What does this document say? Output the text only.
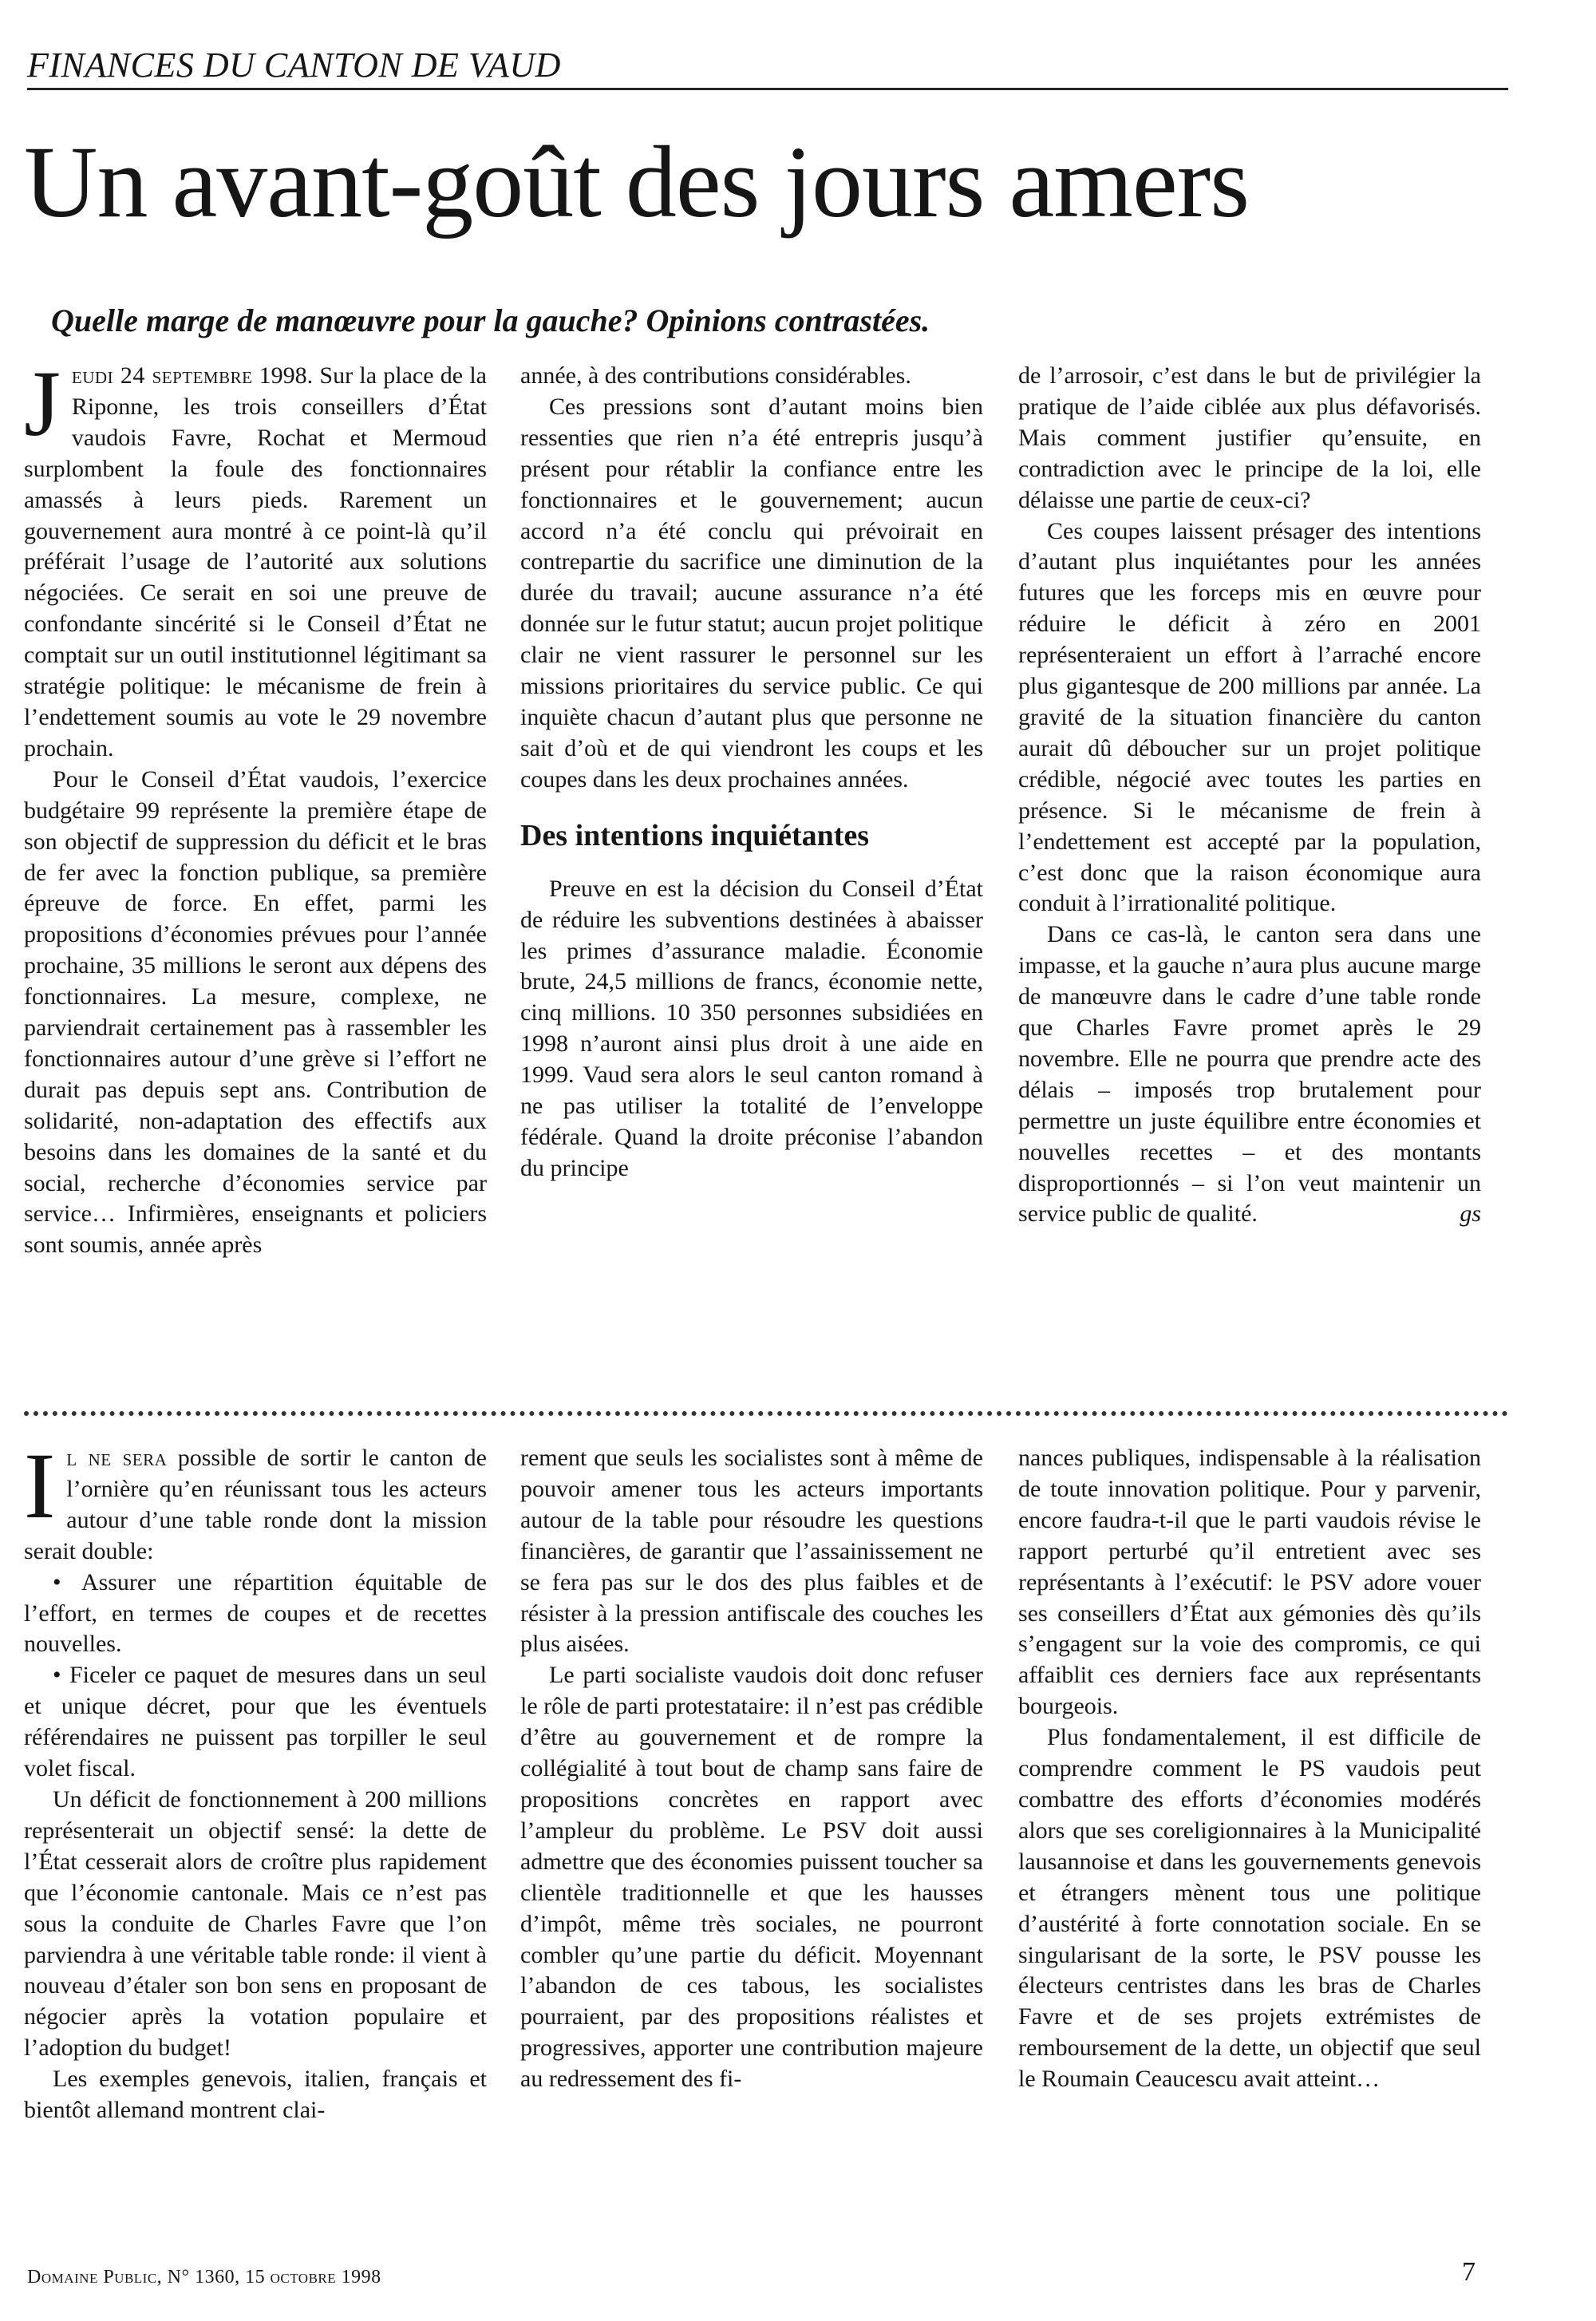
FINANCES DU CANTON DE VAUD
Un avant-goût des jours amers

Quelle marge de manœuvre pour la gauche? Opinions contrastées.

Jeudi 24 septembre 1998. Sur la place de la Riponne, les trois conseillers d’État vaudois Favre, Rochat et Mermoud surplombent la foule des fonctionnaires amassés à leurs pieds. Rarement un gouvernement aura montré à ce point-là qu’il préférait l’usage de l’autorité aux solutions négociées. Ce serait en soi une preuve de confondante sincérité si le Conseil d’État ne comptait sur un outil institutionnel légitimant sa stratégie politique: le mécanisme de frein à l’endettement soumis au vote le 29 novembre prochain.

Pour le Conseil d’État vaudois, l’exercice budgétaire 99 représente la première étape de son objectif de suppression du déficit et le bras de fer avec la fonction publique, sa première épreuve de force. En effet, parmi les propositions d’économies prévues pour l’année prochaine, 35 millions le seront aux dépens des fonctionnaires. La mesure, complexe, ne parviendrait certainement pas à rassembler les fonctionnaires autour d’une grève si l’effort ne durait pas depuis sept ans. Contribution de solidarité, non-adaptation des effectifs aux besoins dans les domaines de la santé et du social, recherche d’économies service par service… Infirmières, enseignants et policiers sont soumis, année après

année, à des contributions considérables.

Ces pressions sont d’autant moins bien ressenties que rien n’a été entrepris jusqu’à présent pour rétablir la confiance entre les fonctionnaires et le gouvernement; aucun accord n’a été conclu qui prévoirait en contrepartie du sacrifice une diminution de la durée du travail; aucune assurance n’a été donnée sur le futur statut; aucun projet politique clair ne vient rassurer le personnel sur les missions prioritaires du service public. Ce qui inquiète chacun d’autant plus que personne ne sait d’où et de qui viendront les coups et les coupes dans les deux prochaines années.

Des intentions inquiétantes

Preuve en est la décision du Conseil d’État de réduire les subventions destinées à abaisser les primes d’assurance maladie. Économie brute, 24,5 millions de francs, économie nette, cinq millions. 10 350 personnes subsidiées en 1998 n’auront ainsi plus droit à une aide en 1999. Vaud sera alors le seul canton romand à ne pas utiliser la totalité de l’enveloppe fédérale. Quand la droite préconise l’abandon du principe

de l’arrosoir, c’est dans le but de privilégier la pratique de l’aide ciblée aux plus défavorisés. Mais comment justifier qu’ensuite, en contradiction avec le principe de la loi, elle délaisse une partie de ceux-ci?

Ces coupes laissent présager des intentions d’autant plus inquiétantes pour les années futures que les forceps mis en œuvre pour réduire le déficit à zéro en 2001 représenteraient un effort à l’arraché encore plus gigantesque de 200 millions par année. La gravité de la situation financière du canton aurait dû déboucher sur un projet politique crédible, négocié avec toutes les parties en présence. Si le mécanisme de frein à l’endettement est accepté par la population, c’est donc que la raison économique aura conduit à l’irrationalité politique.

Dans ce cas-là, le canton sera dans une impasse, et la gauche n’aura plus aucune marge de manœuvre dans le cadre d’une table ronde que Charles Favre promet après le 29 novembre. Elle ne pourra que prendre acte des délais – imposés trop brutalement pour permettre un juste équilibre entre économies et nouvelles recettes – et des montants disproportionnés – si l’on veut maintenir un service public de qualité.	gs

Il ne sera possible de sortir le canton de l’ornière qu’en réunissant tous les acteurs autour d’une table ronde dont la mission serait double:

• Assurer une répartition équitable de l’effort, en termes de coupes et de recettes nouvelles.

• Ficeler ce paquet de mesures dans un seul et unique décret, pour que les éventuels référendaires ne puissent pas torpiller le seul volet fiscal.

Un déficit de fonctionnement à 200 millions représenterait un objectif sensé: la dette de l’État cesserait alors de croître plus rapidement que l’économie cantonale. Mais ce n’est pas sous la conduite de Charles Favre que l’on parviendra à une véritable table ronde: il vient à nouveau d’étaler son bon sens en proposant de négocier après la votation populaire et l’adoption du budget!

Les exemples genevois, italien, français et bientôt allemand montrent clai-

rement que seuls les socialistes sont à même de pouvoir amener tous les acteurs importants autour de la table pour résoudre les questions financières, de garantir que l’assainissement ne se fera pas sur le dos des plus faibles et de résister à la pression antifiscale des couches les plus aisées.

Le parti socialiste vaudois doit donc refuser le rôle de parti protestataire: il n’est pas crédible d’être au gouvernement et de rompre la collégialité à tout bout de champ sans faire de propositions concrètes en rapport avec l’ampleur du problème. Le PSV doit aussi admettre que des économies puissent toucher sa clientèle traditionnelle et que les hausses d’impôt, même très sociales, ne pourront combler qu’une partie du déficit. Moyennant l’abandon de ces tabous, les socialistes pourraient, par des propositions réalistes et progressives, apporter une contribution majeure au redressement des fi-

nances publiques, indispensable à la réalisation de toute innovation politique. Pour y parvenir, encore faudra-t-il que le parti vaudois révise le rapport perturbé qu’il entretient avec ses représentants à l’exécutif: le PSV adore vouer ses conseillers d’État aux gémonies dès qu’ils s’engagent sur la voie des compromis, ce qui affaiblit ces derniers face aux représentants bourgeois.

Plus fondamentalement, il est difficile de comprendre comment le PS vaudois peut combattre des efforts d’économies modérés alors que ses coreligionnaires à la Municipalité lausannoise et dans les gouvernements genevois et étrangers mènent tous une politique d’austérité à forte connotation sociale. En se singularisant de la sorte, le PSV pousse les électeurs centristes dans les bras de Charles Favre et de ses projets extrémistes de remboursement de la dette, un objectif que seul le Roumain Ceaucescu avait atteint…

Domaine Public, N° 1360, 15 octobre 1998	7
